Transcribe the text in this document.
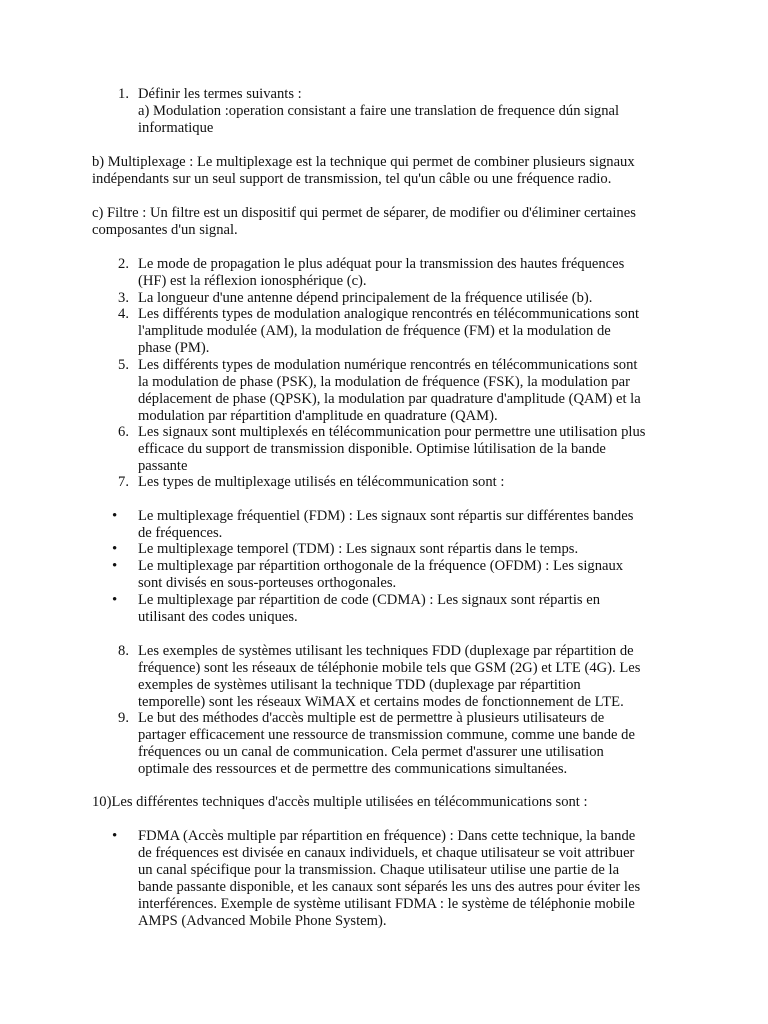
1. Définir les termes suivants :
a) Modulation :operation consistant a faire une translation de frequence dún signal
informatique
b) Multiplexage : Le multiplexage est la technique qui permet de combiner plusieurs signaux
indépendants sur un seul support de transmission, tel qu'un câble ou une fréquence radio.
c) Filtre : Un filtre est un dispositif qui permet de séparer, de modifier ou d'éliminer certaines
composantes d'un signal.
2. Le mode de propagation le plus adéquat pour la transmission des hautes fréquences
(HF) est la réflexion ionosphérique (c).
3. La longueur d'une antenne dépend principalement de la fréquence utilisée (b).
4. Les différents types de modulation analogique rencontrés en télécommunications sont
l'amplitude modulée (AM), la modulation de fréquence (FM) et la modulation de
phase (PM).
5. Les différents types de modulation numérique rencontrés en télécommunications sont
la modulation de phase (PSK), la modulation de fréquence (FSK), la modulation par
déplacement de phase (QPSK), la modulation par quadrature d'amplitude (QAM) et la
modulation par répartition d'amplitude en quadrature (QAM).
6. Les signaux sont multiplexés en télécommunication pour permettre une utilisation plus
efficace du support de transmission disponible. Optimise lútilisation de la bande
passante
7. Les types de multiplexage utilisés en télécommunication sont :
• Le multiplexage fréquentiel (FDM) : Les signaux sont répartis sur différentes bandes
de fréquences.
• Le multiplexage temporel (TDM) : Les signaux sont répartis dans le temps.
• Le multiplexage par répartition orthogonale de la fréquence (OFDM) : Les signaux
sont divisés en sous-porteuses orthogonales.
• Le multiplexage par répartition de code (CDMA) : Les signaux sont répartis en
utilisant des codes uniques.
8. Les exemples de systèmes utilisant les techniques FDD (duplexage par répartition de
fréquence) sont les réseaux de téléphonie mobile tels que GSM (2G) et LTE (4G). Les
exemples de systèmes utilisant la technique TDD (duplexage par répartition
temporelle) sont les réseaux WiMAX et certains modes de fonctionnement de LTE.
9. Le but des méthodes d'accès multiple est de permettre à plusieurs utilisateurs de
partager efficacement une ressource de transmission commune, comme une bande de
fréquences ou un canal de communication. Cela permet d'assurer une utilisation
optimale des ressources et de permettre des communications simultanées.
10)Les différentes techniques d'accès multiple utilisées en télécommunications sont :
• FDMA (Accès multiple par répartition en fréquence) : Dans cette technique, la bande
de fréquences est divisée en canaux individuels, et chaque utilisateur se voit attribuer
un canal spécifique pour la transmission. Chaque utilisateur utilise une partie de la
bande passante disponible, et les canaux sont séparés les uns des autres pour éviter les
interférences. Exemple de système utilisant FDMA : le système de téléphonie mobile
AMPS (Advanced Mobile Phone System).
